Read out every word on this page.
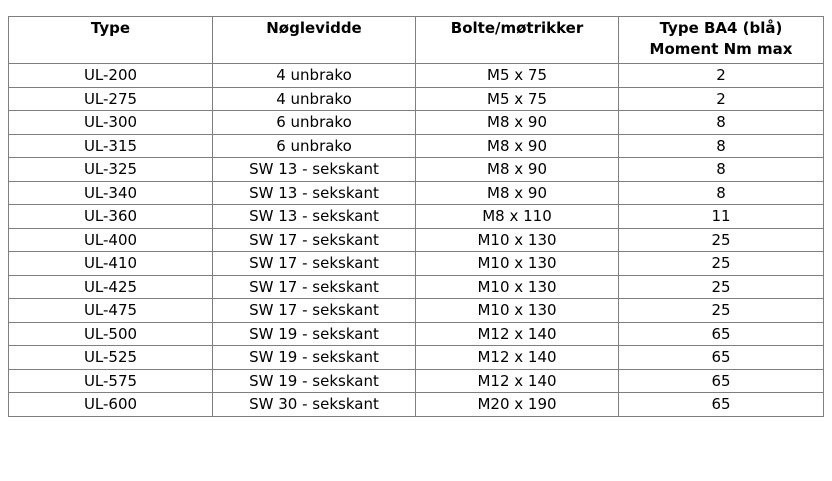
Type	Nøglevidde	Bolte/møtrikker	Type BA4 (blå)
Moment Nm max

UL-200	4 unbrako	M5 x 75	2
UL-275	4 unbrako	M5 x 75	2
UL-300	6 unbrako	M8 x 90	8
UL-315	6 unbrako	M8 x 90	8
UL-325	SW 13 - sekskant	M8 x 90	8
UL-340	SW 13 - sekskant	M8 x 90	8
UL-360	SW 13 - sekskant	M8 x 110	11
UL-400	SW 17 - sekskant	M10 x 130	25
UL-410	SW 17 - sekskant	M10 x 130	25
UL-425	SW 17 - sekskant	M10 x 130	25
UL-475	SW 17 - sekskant	M10 x 130	25
UL-500	SW 19 - sekskant	M12 x 140	65
UL-525	SW 19 - sekskant	M12 x 140	65
UL-575	SW 19 - sekskant	M12 x 140	65
UL-600	SW 30 - sekskant	M20 x 190	65
